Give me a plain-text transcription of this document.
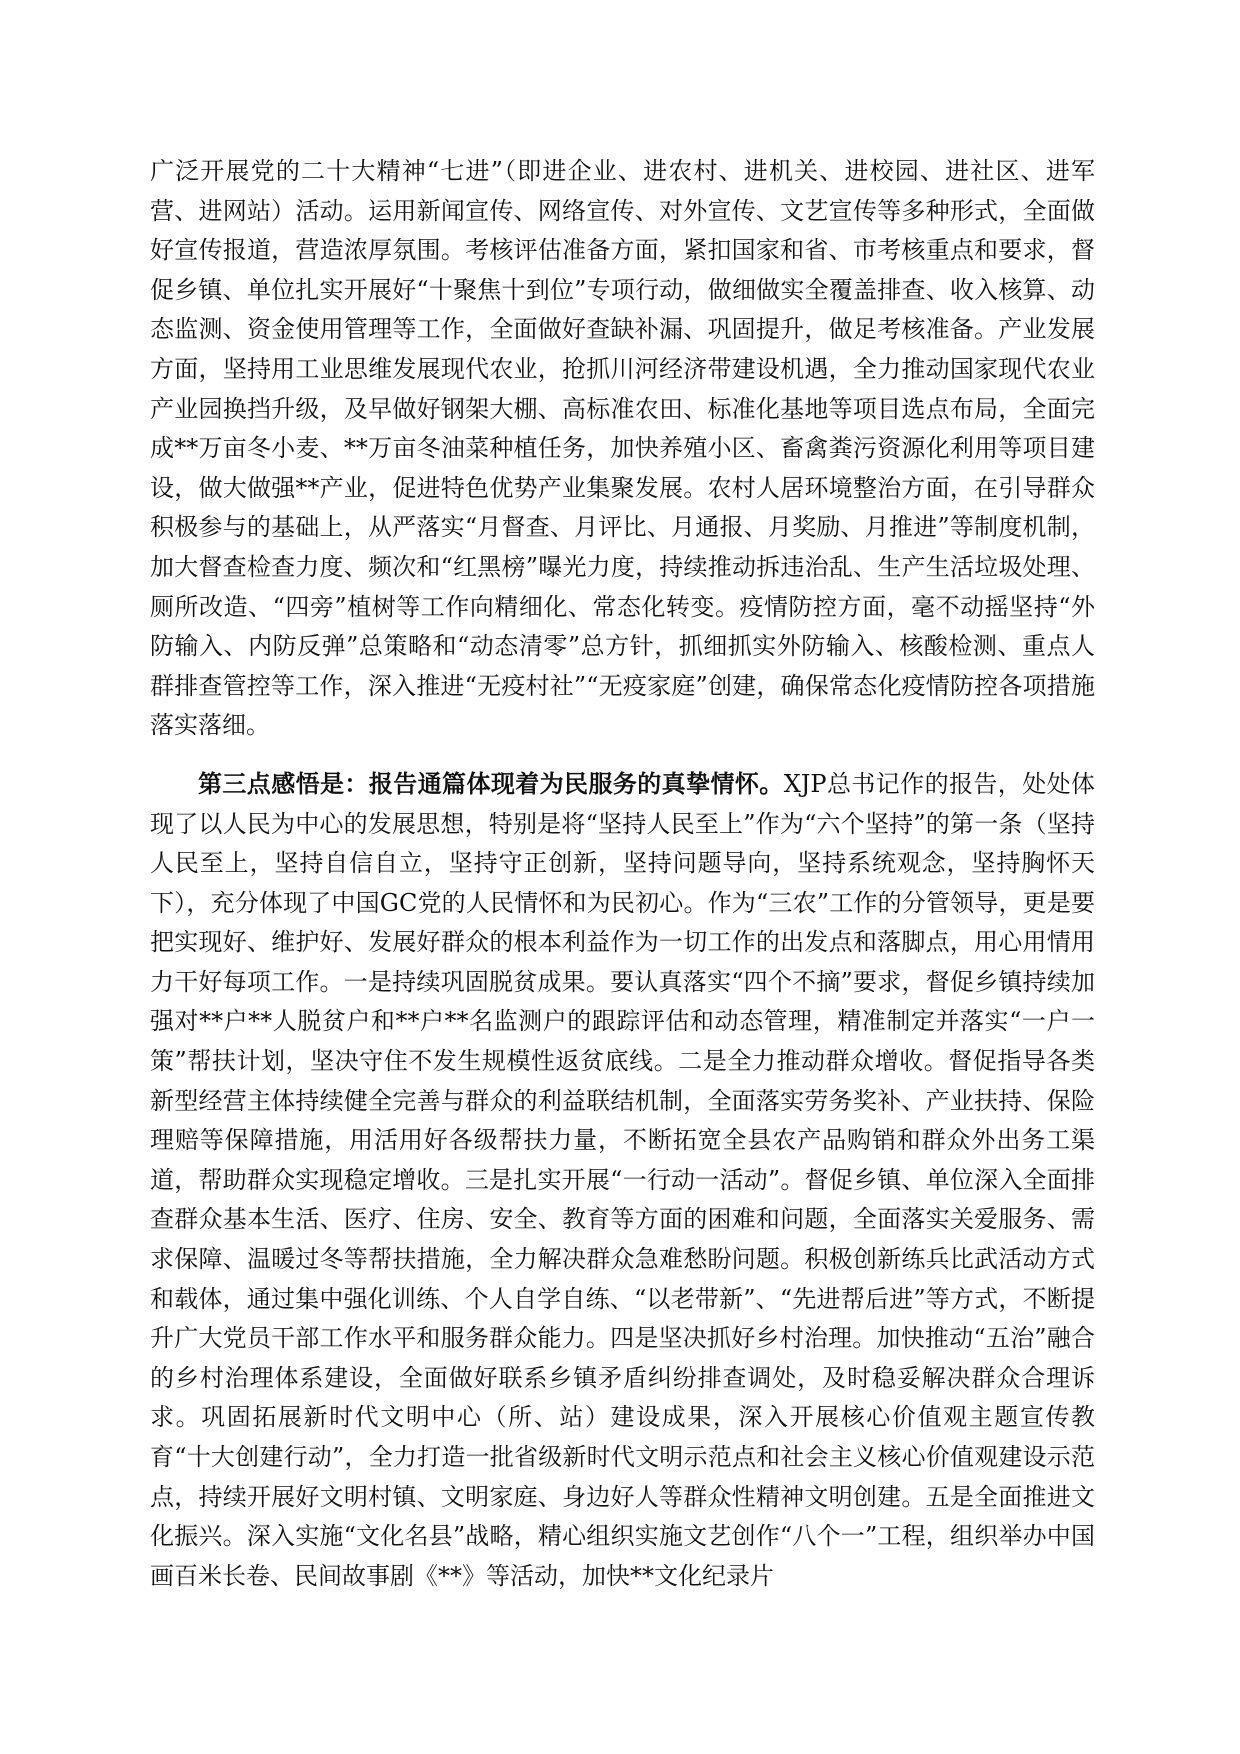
广泛开展党的二十大精神“七进”（即进企业、进农村、进机关、进校园、进社区、进军营、进网站）活动。运用新闻宣传、网络宣传、对外宣传、文艺宣传等多种形式，全面做好宣传报道，营造浓厚氛围。考核评估准备方面，紧扣国家和省、市考核重点和要求，督促乡镇、单位扎实开展好“十聚焦十到位”专项行动，做细做实全覆盖排查、收入核算、动态监测、资金使用管理等工作，全面做好查缺补漏、巩固提升，做足考核准备。产业发展方面，坚持用工业思维发展现代农业，抢抓川河经济带建设机遇，全力推动国家现代农业产业园换挡升级，及早做好钢架大棚、高标准农田、标准化基地等项目选点布局，全面完成**万亩冬小麦、**万亩冬油菜种植任务，加快养殖小区、畜禽粪污资源化利用等项目建设，做大做强**产业，促进特色优势产业集聚发展。农村人居环境整治方面，在引导群众积极参与的基础上，从严落实“月督查、月评比、月通报、月奖励、月推进”等制度机制，加大督查检查力度、频次和“红黑榜”曝光力度，持续推动拆违治乱、生产生活垃圾处理、厕所改造、“四旁”植树等工作向精细化、常态化转变。疫情防控方面，毫不动摇坚持“外防输入、内防反弹”总策略和“动态清零”总方针，抓细抓实外防输入、核酸检测、重点人群排查管控等工作，深入推进“无疫村社”“无疫家庭”创建，确保常态化疫情防控各项措施落实落细。

第三点感悟是：报告通篇体现着为民服务的真挚情怀。XJP总书记作的报告，处处体现了以人民为中心的发展思想，特别是将“坚持人民至上”作为“六个坚持”的第一条（坚持人民至上，坚持自信自立，坚持守正创新，坚持问题导向，坚持系统观念，坚持胸怀天下），充分体现了中国GC党的人民情怀和为民初心。作为“三农”工作的分管领导，更是要把实现好、维护好、发展好群众的根本利益作为一切工作的出发点和落脚点，用心用情用力干好每项工作。一是持续巩固脱贫成果。要认真落实“四个不摘”要求，督促乡镇持续加强对**户**人脱贫户和**户**名监测户的跟踪评估和动态管理，精准制定并落实“一户一策”帮扶计划，坚决守住不发生规模性返贫底线。二是全力推动群众增收。督促指导各类新型经营主体持续健全完善与群众的利益联结机制，全面落实劳务奖补、产业扶持、保险理赔等保障措施，用活用好各级帮扶力量，不断拓宽全县农产品购销和群众外出务工渠道，帮助群众实现稳定增收。三是扎实开展“一行动一活动”。督促乡镇、单位深入全面排查群众基本生活、医疗、住房、安全、教育等方面的困难和问题，全面落实关爱服务、需求保障、温暖过冬等帮扶措施，全力解决群众急难愁盼问题。积极创新练兵比武活动方式和载体，通过集中强化训练、个人自学自练、“以老带新”、“先进帮后进”等方式，不断提升广大党员干部工作水平和服务群众能力。四是坚决抓好乡村治理。加快推动“五治”融合的乡村治理体系建设，全面做好联系乡镇矛盾纠纷排查调处，及时稳妥解决群众合理诉求。巩固拓展新时代文明中心（所、站）建设成果，深入开展核心价值观主题宣传教育“十大创建行动”，全力打造一批省级新时代文明示范点和社会主义核心价值观建设示范点，持续开展好文明村镇、文明家庭、身边好人等群众性精神文明创建。五是全面推进文化振兴。深入实施“文化名县”战略，精心组织实施文艺创作“八个一”工程，组织举办中国画百米长卷、民间故事剧《**》等活动，加快**文化纪录片
